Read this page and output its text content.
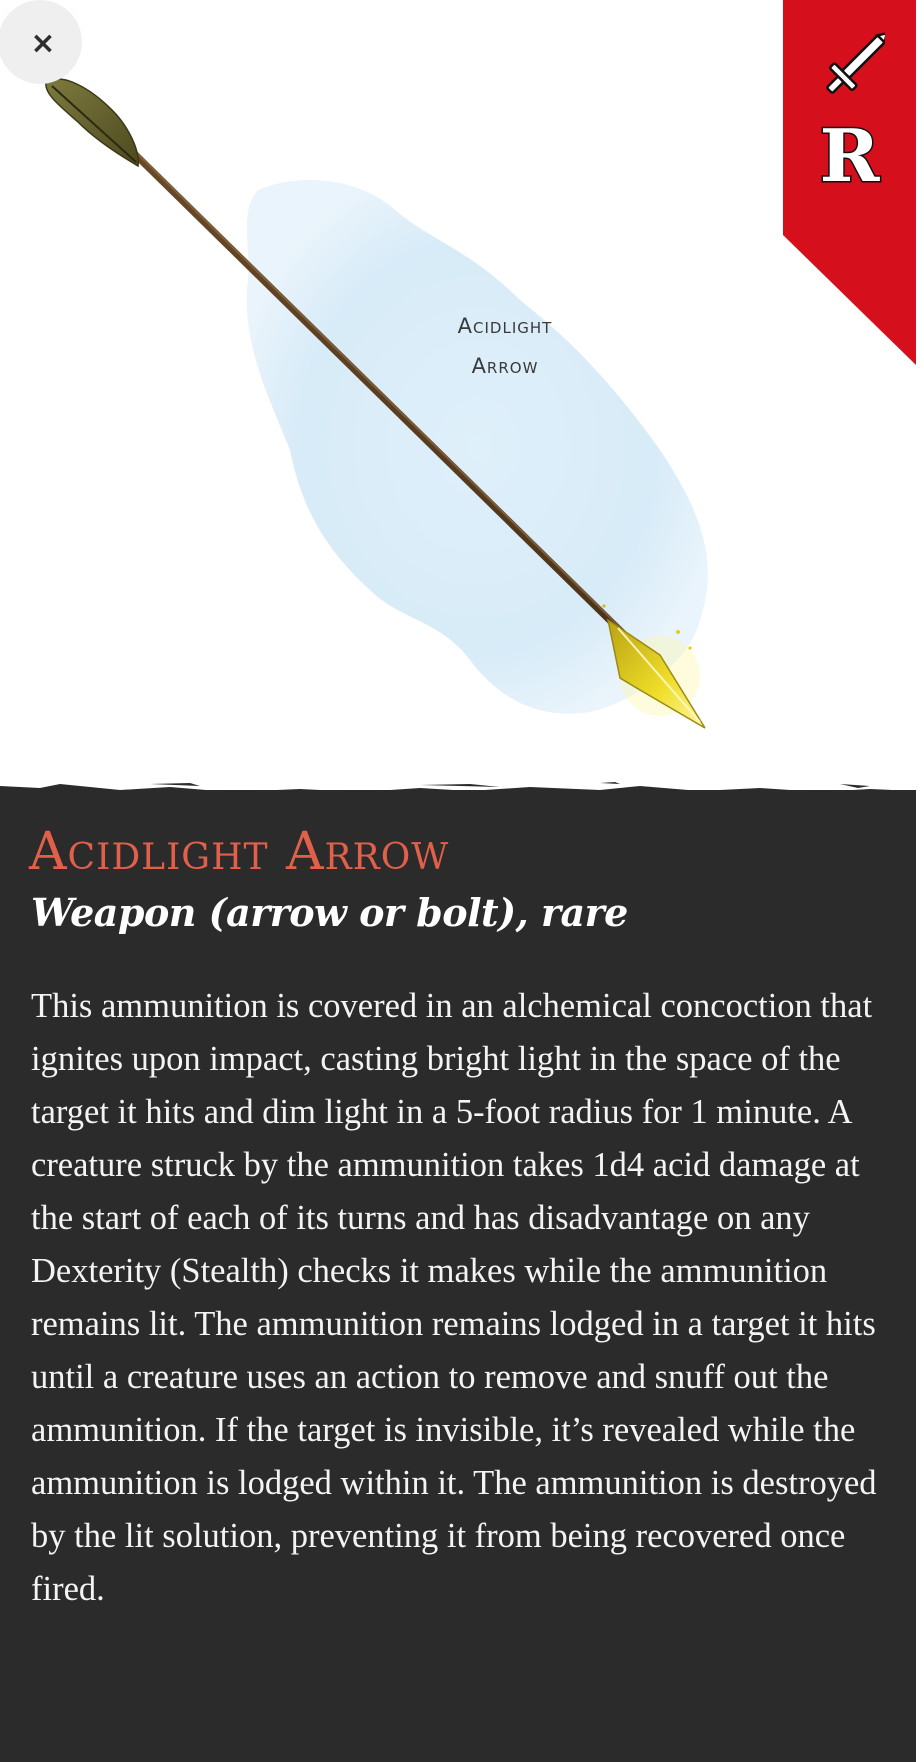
Acidlight
Arrow
×
R
Acidlight Arrow
Weapon (arrow or bolt), rare

This ammunition is covered in an alchemical concoction that ignites upon impact, casting bright light in the space of the target it hits and dim light in a 5-foot radius for 1 minute. A creature struck by the ammunition takes 1d4 acid damage at the start of each of its turns and has disadvantage on any Dexterity (Stealth) checks it makes while the ammunition remains lit. The ammunition remains lodged in a target it hits until a creature uses an action to remove and snuff out the ammunition. If the target is invisible, it’s revealed while the ammunition is lodged within it. The ammunition is destroyed by the lit solution, preventing it from being recovered once fired.
